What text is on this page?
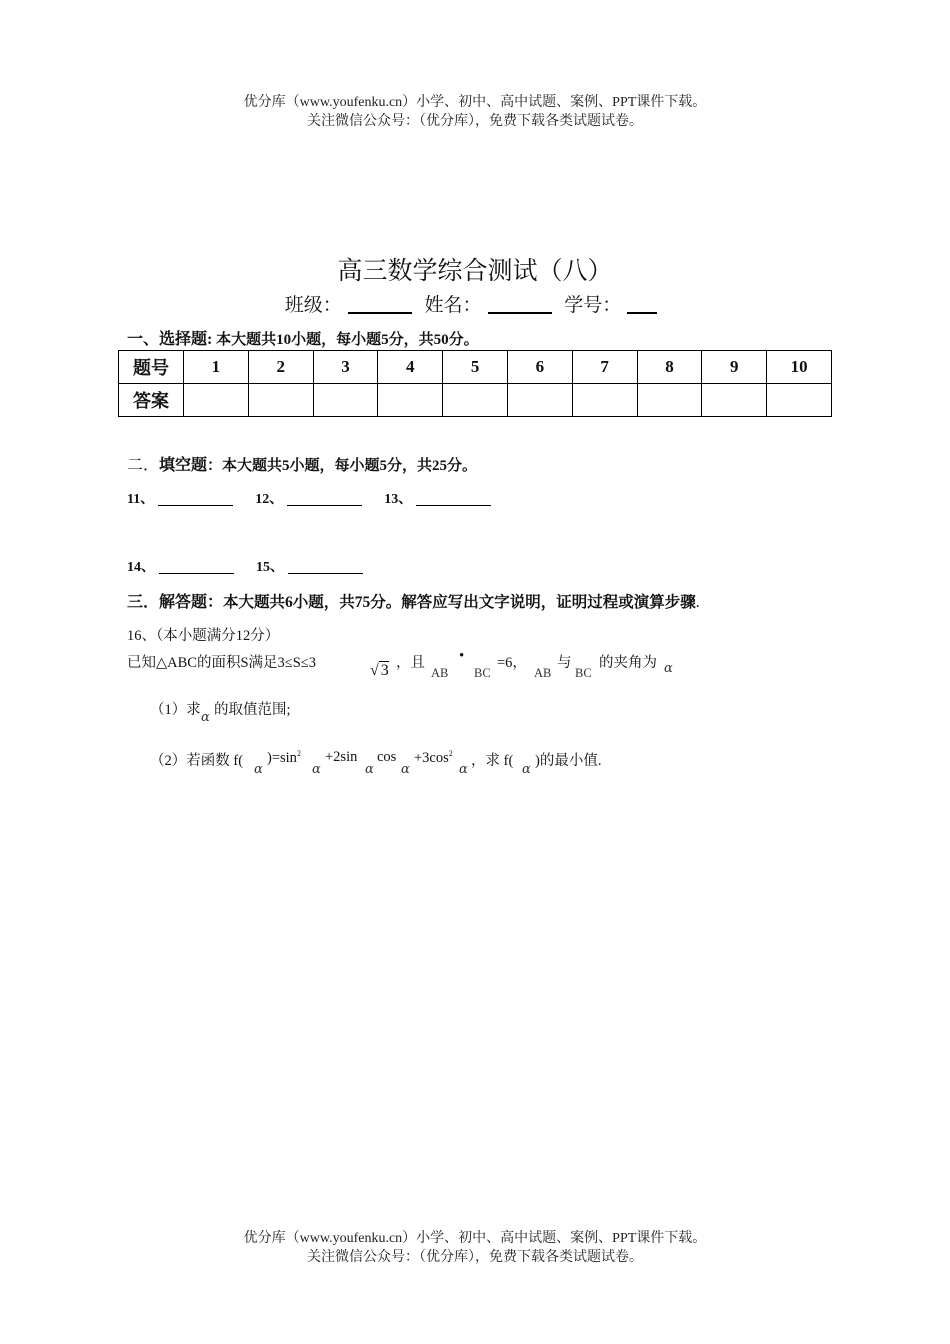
优分库（www.youfenku.cn）小学、初中、高中试题、案例、PPT课件下载。
关注微信公众号：（优分库），免费下载各类试题试卷。
高三数学综合测试（八）
班级：	姓名：	学号：
一、选择题: 本大题共10小题，每小题5分，共50分。
题号	1	2	3	4	5	6	7	8	9	10
答案										
二．填空题：本大题共5小题，每小题5分，共25分。
11、	12、	13、
14、	15、
三．解答题：本大题共6小题，共75分。解答应写出文字说明，证明过程或演算步骤.
16、（本小题满分12分）
已知△ABC的面积S满足3≤S≤3	√ 3 ，且
AB
•
BC
=6，
AB
与
BC
的夹角为 α
（1）求 α 的取值范围;
（2）若函数 f(
α
)$=\sin^2$
α
+2sin
α
cos
α
$+3\cos^2$
α
，求 f(
α
)的最小值.
优分库（www.youfenku.cn）小学、初中、高中试题、案例、PPT课件下载。
关注微信公众号：（优分库），免费下载各类试题试卷。
